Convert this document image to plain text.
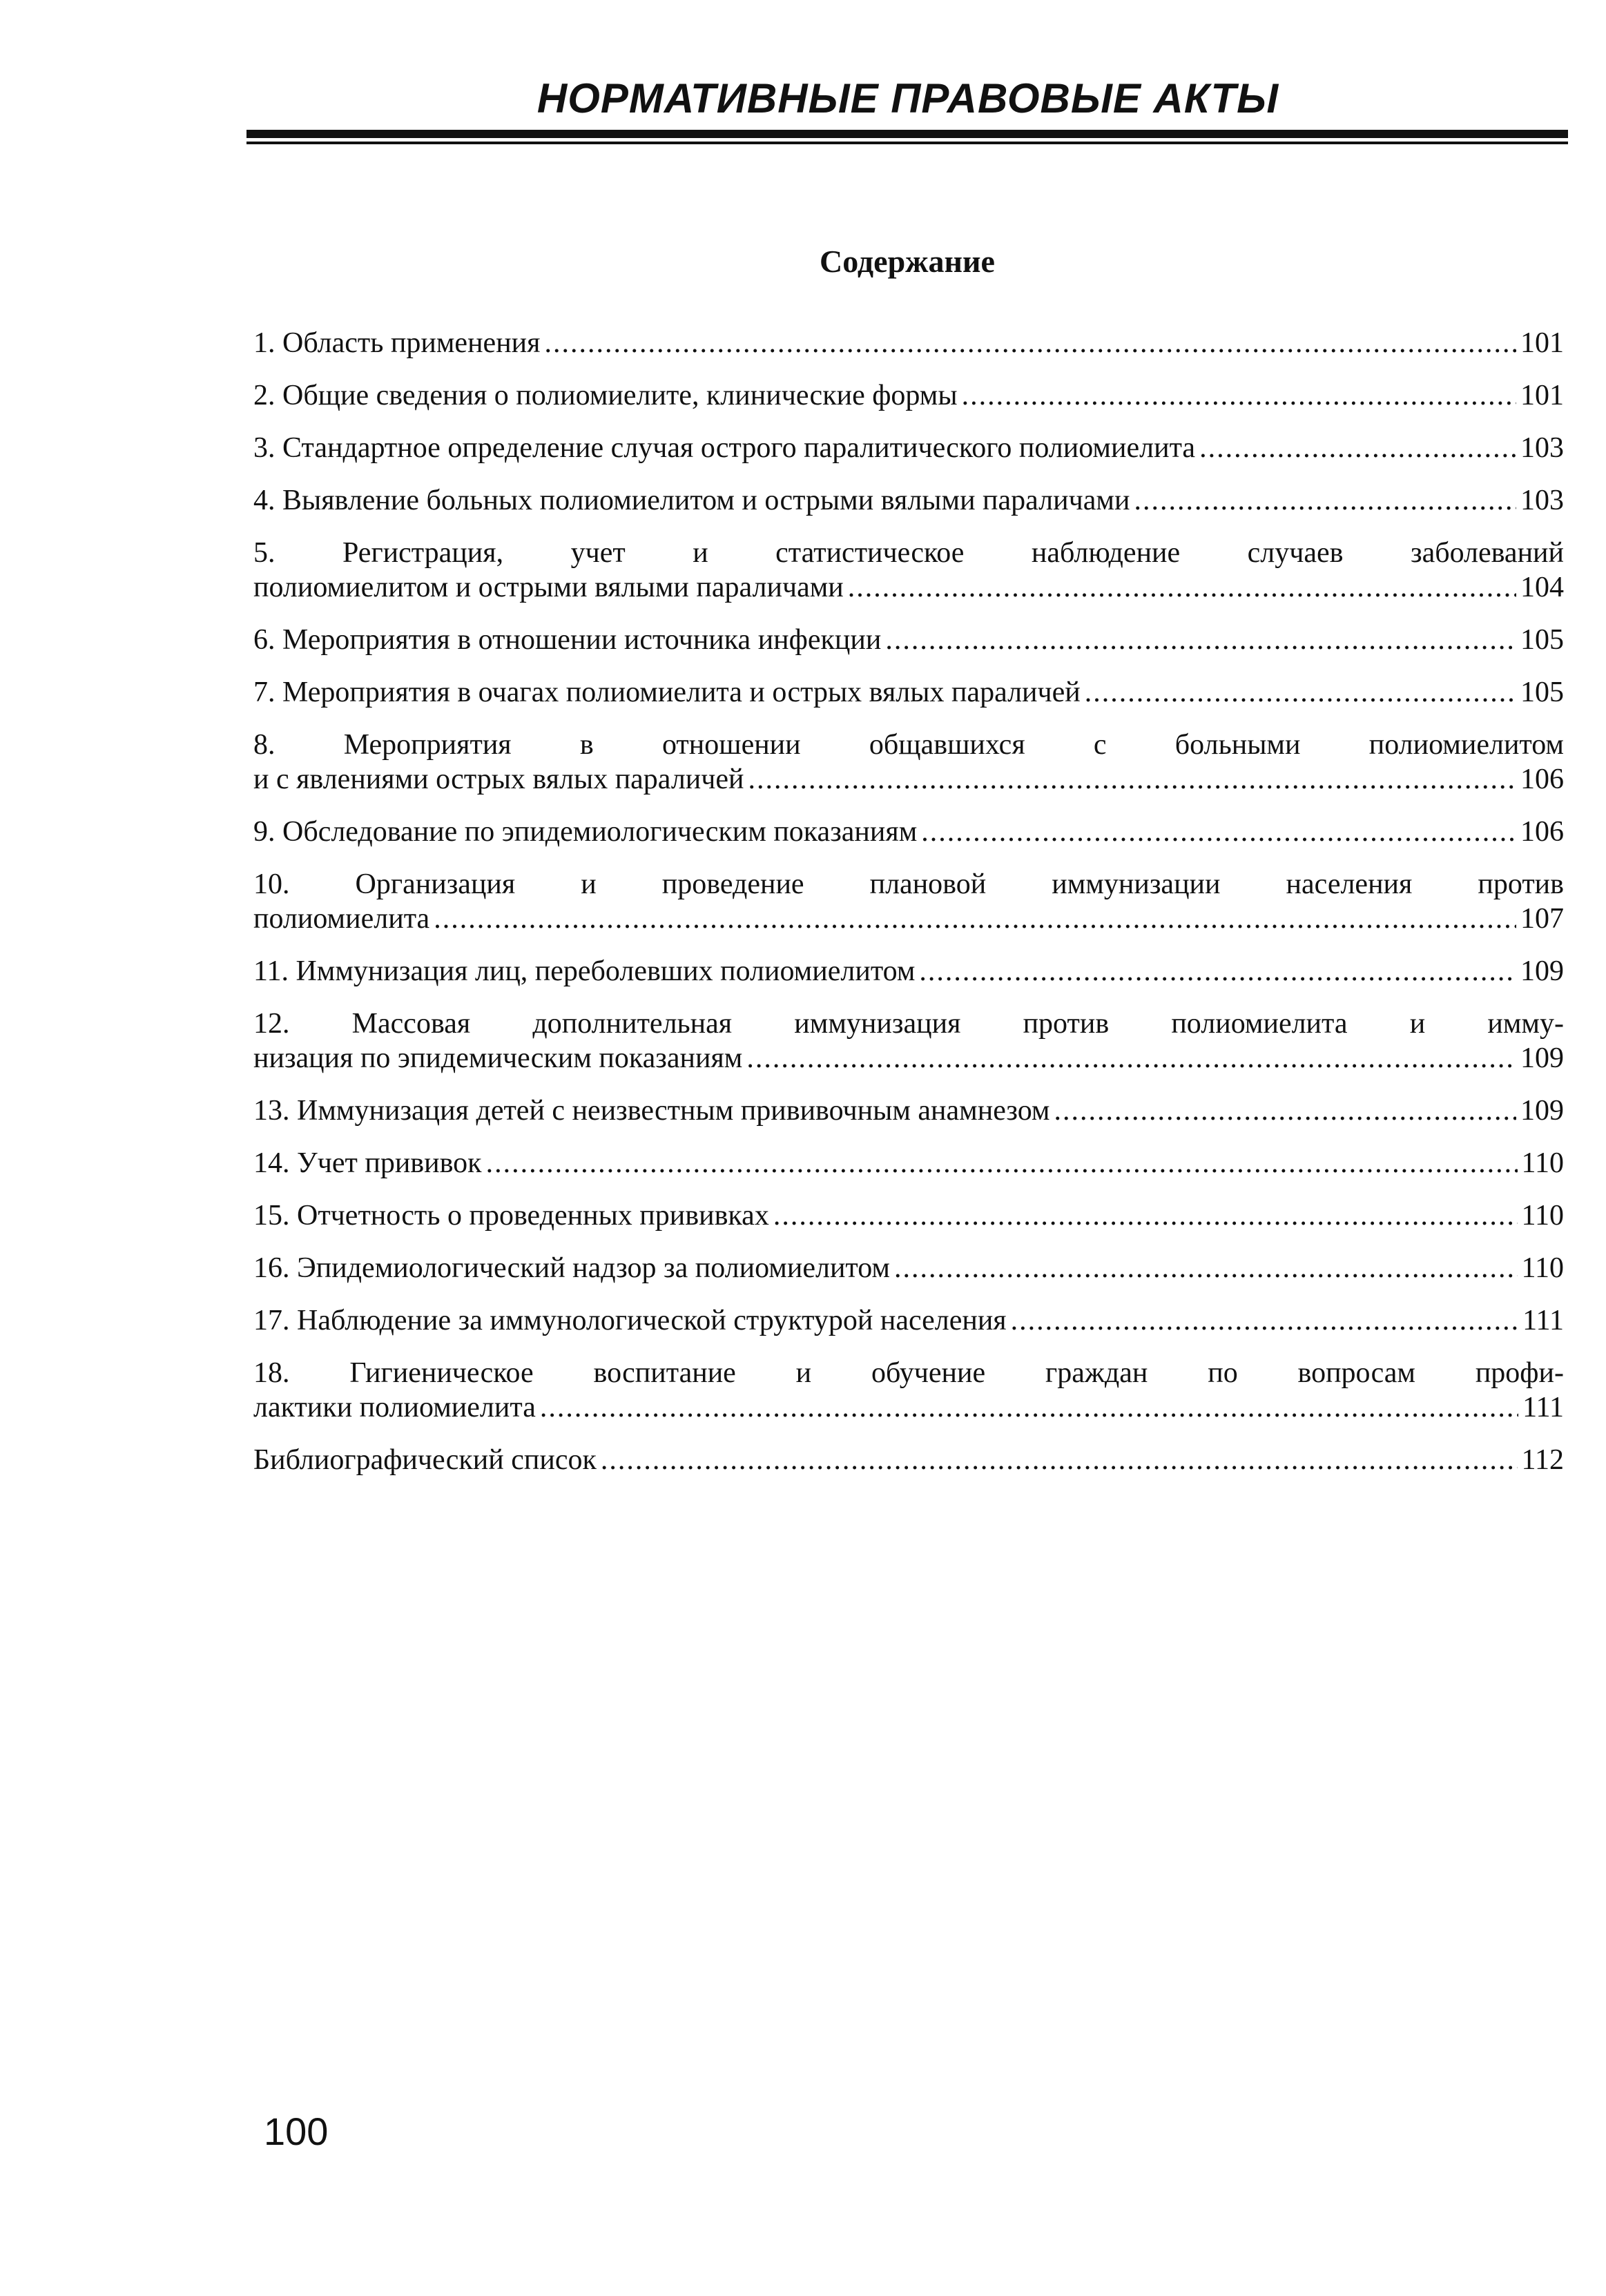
НОРМАТИВНЫЕ ПРАВОВЫЕ АКТЫ
Содержание
1. Область применения .....	101
2. Общие сведения о полиомиелите, клинические формы .....	101
3. Стандартное определение случая острого паралитического полиомиелита .....	103
4. Выявление больных полиомиелитом и острыми вялыми параличами .....	103
5. Регистрация, учет и статистическое наблюдение случаев заболеваний
полиомиелитом и острыми вялыми параличами .....	104
6. Мероприятия в отношении источника инфекции .....	105
7. Мероприятия в очагах полиомиелита и острых вялых параличей .....	105
8. Мероприятия в отношении общавшихся с больными полиомиелитом
и с явлениями острых вялых параличей .....	106
9. Обследование по эпидемиологическим показаниям .....	106
10. Организация и проведение плановой иммунизации населения против
полиомиелита .....	107
11. Иммунизация лиц, переболевших полиомиелитом .....	109
12. Массовая дополнительная иммунизация против полиомиелита и имму-
низация по эпидемическим показаниям .....	109
13. Иммунизация детей с неизвестным прививочным анамнезом .....	109
14. Учет прививок .....	110
15. Отчетность о проведенных прививках .....	110
16. Эпидемиологический надзор за полиомиелитом .....	110
17. Наблюдение за иммунологической структурой населения .....	111
18. Гигиеническое воспитание и обучение граждан по вопросам профи-
лактики полиомиелита .....	111
Библиографический список .....	112
100
